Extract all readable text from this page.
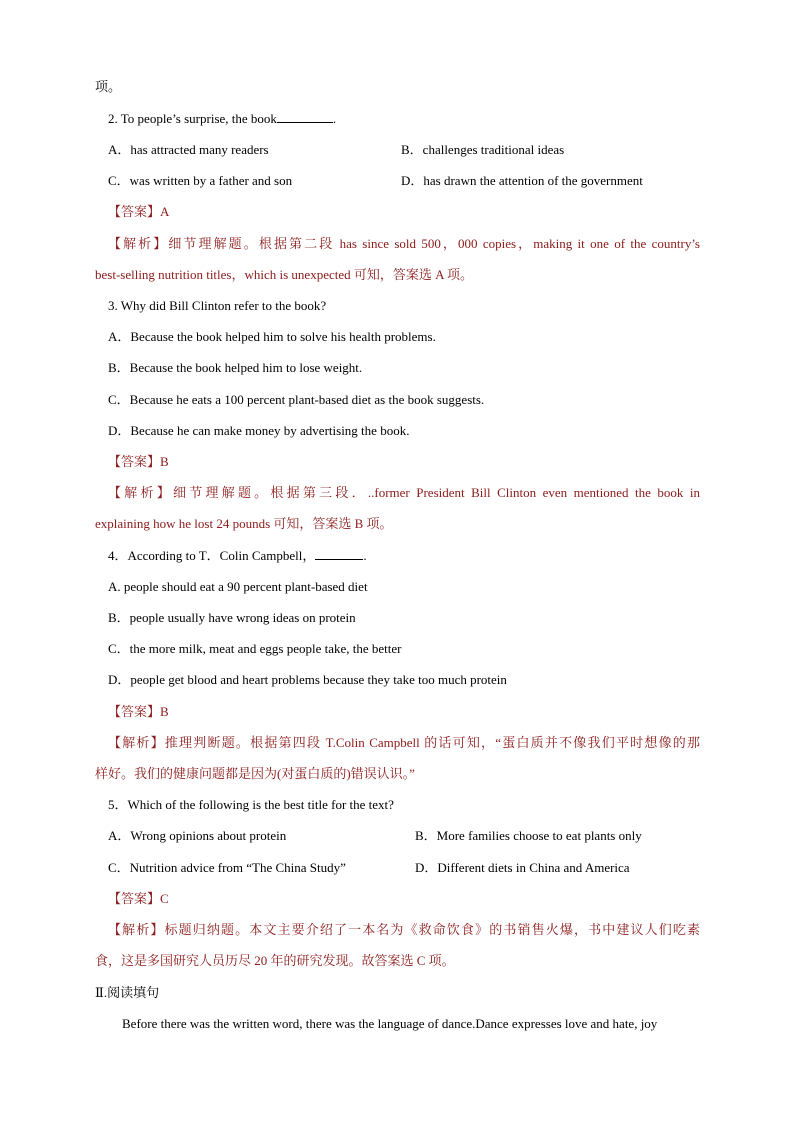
项。
2. To people’s surprise, the book	.
A．has attracted many readers	B．challenges traditional ideas
C．was written by a father and son	D．has drawn the attention of the government
【答案】A
【解析】细节理解题。根据第二段 has since sold 500，000 copies，making it one of the country’s
best-selling nutrition titles，which is unexpected 可知，答案选 A 项。
3. Why did Bill Clinton refer to the book?
A．Because the book helped him to solve his health problems.
B．Because the book helped him to lose weight.
C．Because he eats a 100 percent plant-based diet as the book suggests.
D．Because he can make money by advertising the book.
【答案】B
【解析】细节理解题。根据第三段．..former President Bill Clinton even mentioned the book in
explaining how he lost 24 pounds 可知，答案选 B 项。
4．According to T．Colin Campbell，	.
A. people should eat a 90 percent plant-based diet
B．people usually have wrong ideas on protein
C．the more milk, meat and eggs people take, the better
D．people get blood and heart problems because they take too much protein
【答案】B
【解析】推理判断题。根据第四段 T.Colin Campbell 的话可知，“蛋白质并不像我们平时想像的那
样好。我们的健康问题都是因为(对蛋白质的)错误认识。”
5．Which of the following is the best title for the text?
A．Wrong opinions about protein	B．More families choose to eat plants only
C．Nutrition advice from “The China Study”	D．Different diets in China and America
【答案】C
【解析】标题归纳题。本文主要介绍了一本名为《救命饮食》的书销售火爆，书中建议人们吃素
食，这是多国研究人员历尽 20 年的研究发现。故答案选 C 项。
Ⅱ.阅读填句
Before there was the written word, there was the language of dance.Dance expresses love and hate, joy
